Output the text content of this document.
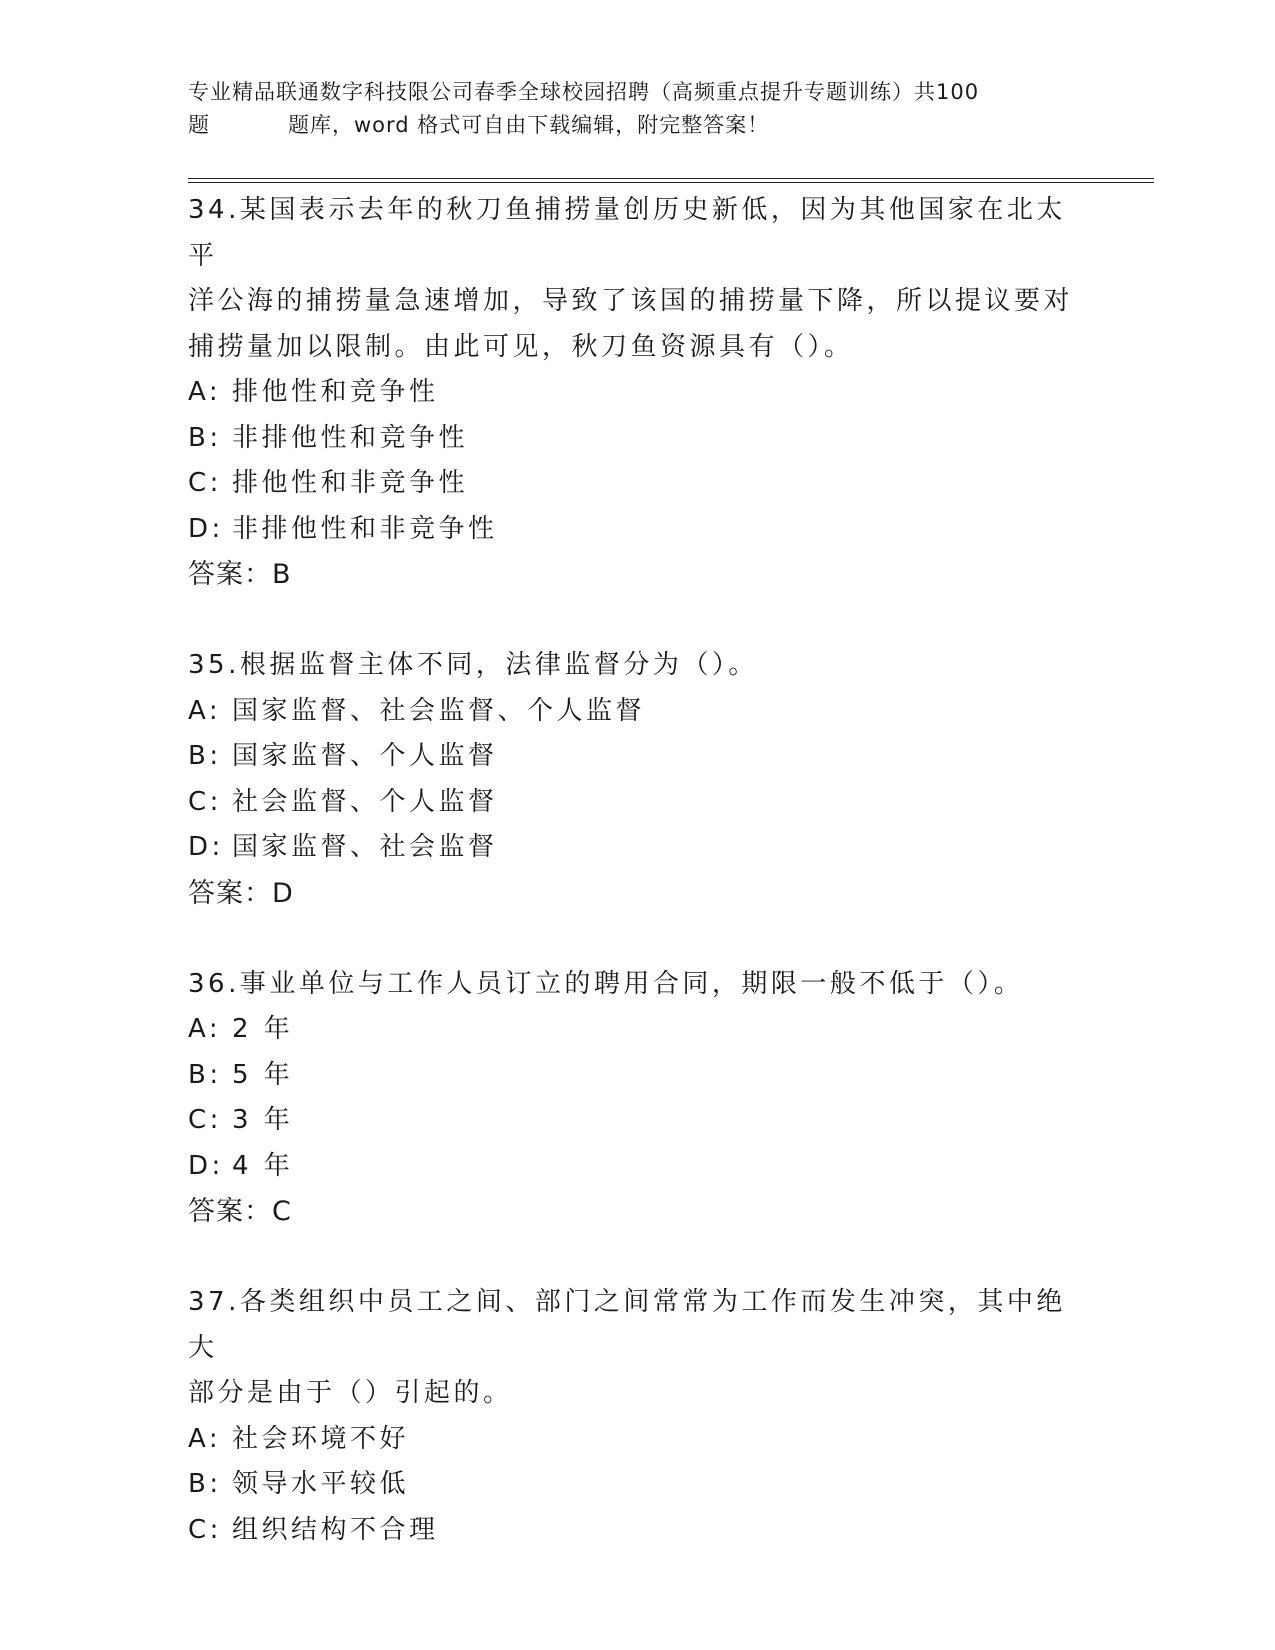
专业精品联通数字科技限公司春季全球校园招聘（高频重点提升专题训练）共100
题	题库，word 格式可自由下载编辑，附完整答案！
34.某国表示去年的秋刀鱼捕捞量创历史新低，因为其他国家在北太平
洋公海的捕捞量急速增加，导致了该国的捕捞量下降，所以提议要对
捕捞量加以限制。由此可见，秋刀鱼资源具有（）。
A: 排他性和竞争性
B: 非排他性和竞争性
C: 排他性和非竞争性
D: 非排他性和非竞争性
答案：B
35.根据监督主体不同，法律监督分为（）。
A: 国家监督、社会监督、个人监督
B: 国家监督、个人监督
C: 社会监督、个人监督
D: 国家监督、社会监督
答案：D
36.事业单位与工作人员订立的聘用合同，期限一般不低于（）。
A: 2 年
B: 5 年
C: 3 年
D: 4 年
答案：C
37.各类组织中员工之间、部门之间常常为工作而发生冲突，其中绝大
部分是由于（）引起的。
A: 社会环境不好
B: 领导水平较低
C: 组织结构不合理
